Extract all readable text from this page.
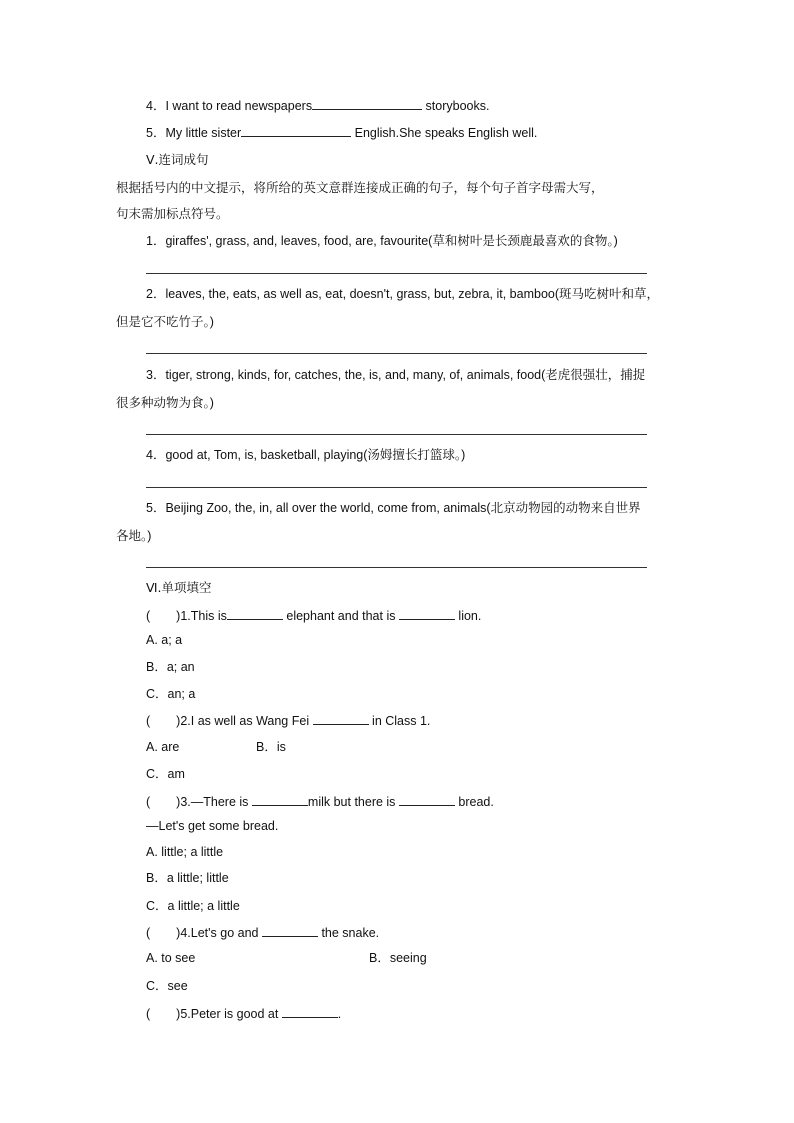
4．I want to read newspapers	storybooks.
5．My little sister	English.She speaks English well.
Ⅴ.连词成句
根据括号内的中文提示，将所给的英文意群连接成正确的句子，每个句子首字母需大写，
句末需加标点符号。
1．giraffes', grass, and, leaves, food, are, favourite(草和树叶是长颈鹿最喜欢的食物。)
2．leaves, the, eats, as well as, eat, doesn't, grass, but, zebra, it, bamboo(斑马吃树叶和草，
但是它不吃竹子。)
3．tiger, strong, kinds, for, catches, the, is, and, many, of, animals, food(老虎很强壮，捕捉
很多种动物为食。)
4．good at, Tom, is, basketball, playing(汤姆擅长打篮球。)
5．Beijing Zoo, the, in, all over the world, come from, animals(北京动物园的动物来自世界
各地。)
Ⅵ.单项填空
( )1.This is	elephant and that is	lion.
A. a; a
B．a; an
C．an; a
( )2.I as well as Wang Fei	in Class 1.
A. are	B．is
C．am
( )3.—There is	milk but there is	bread.
—Let's get some bread.
A. little; a little
B．a little; little
C．a little; a little
( )4.Let's go and	the snake.
A. to see	B．seeing
C．see
( )5.Peter is good at	.
